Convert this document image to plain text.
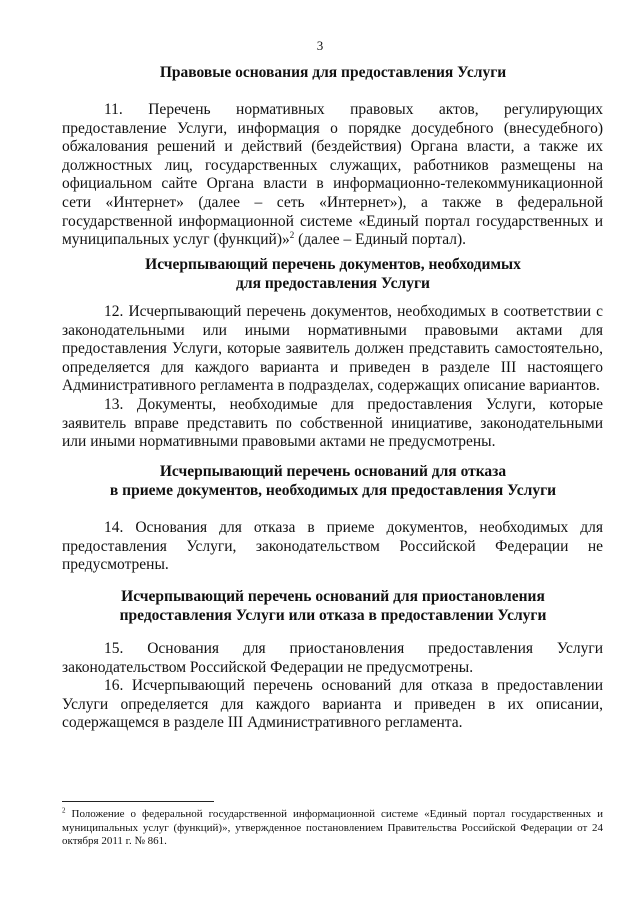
3
Правовые основания для предоставления Услуги

11. Перечень нормативных правовых актов, регулирующих предоставление Услуги, информация о порядке досудебного (внесудебного) обжалования решений и действий (бездействия) Органа власти, а также их должностных лиц, государственных служащих, работников размещены на официальном сайте Органа власти в информационно-телекоммуникационной сети «Интернет» (далее – сеть «Интернет»), а также в федеральной государственной информационной системе «Единый портал государственных и муниципальных услуг (функций)»$^2$ (далее – Единый портал).

Исчерпывающий перечень документов, необходимых
для предоставления Услуги

12. Исчерпывающий перечень документов, необходимых в соответствии с законодательными или иными нормативными правовыми актами для предоставления Услуги, которые заявитель должен представить самостоятельно, определяется для каждого варианта и приведен в разделе III настоящего Административного регламента в подразделах, содержащих описание вариантов.

13. Документы, необходимые для предоставления Услуги, которые заявитель вправе представить по собственной инициативе, законодательными или иными нормативными правовыми актами не предусмотрены.

Исчерпывающий перечень оснований для отказа
в приеме документов, необходимых для предоставления Услуги

14. Основания для отказа в приеме документов, необходимых для предоставления Услуги, законодательством Российской Федерации не предусмотрены.

Исчерпывающий перечень оснований для приостановления
предоставления Услуги или отказа в предоставлении Услуги

15. Основания для приостановления предоставления Услуги законодательством Российской Федерации не предусмотрены.

16. Исчерпывающий перечень оснований для отказа в предоставлении Услуги определяется для каждого варианта и приведен в их описании, содержащемся в разделе III Административного регламента.

$^2$ Положение о федеральной государственной информационной системе «Единый портал государственных и муниципальных услуг (функций)», утвержденное постановлением Правительства Российской Федерации от 24 октября 2011 г. № 861.
